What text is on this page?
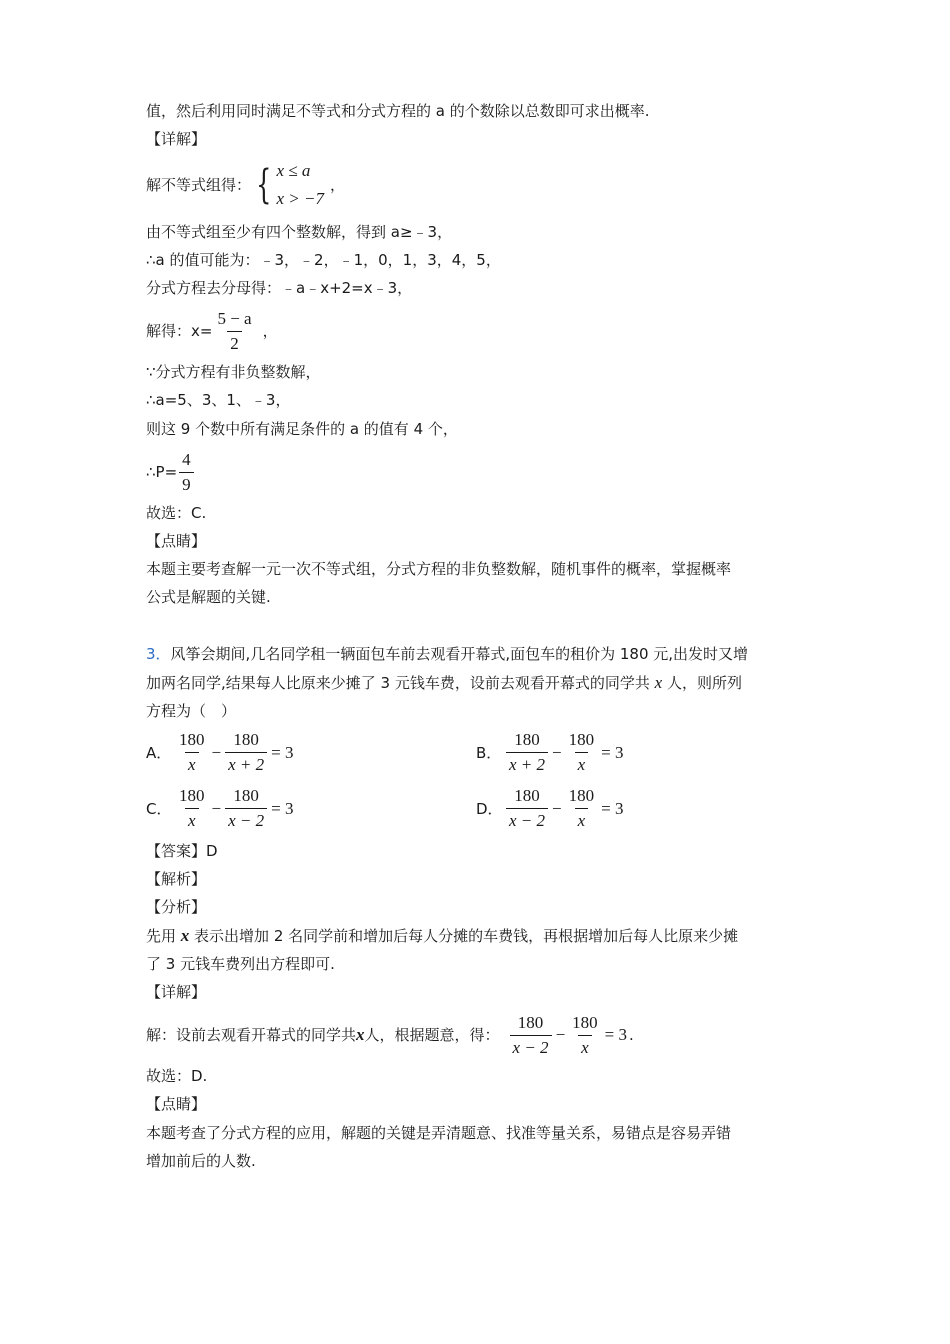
值，然后利用同时满足不等式和分式方程的 a 的个数除以总数即可求出概率.
【详解】
解不等式组得： { x ≤ a
x > −7
，
由不等式组至少有四个整数解，得到 a≥﹣3，
∴a 的值可能为：﹣3，﹣2，﹣1，0，1，3，4，5，
分式方程去分母得：﹣a﹣x+2=x﹣3，
解得：$x= \frac{5 - a}{2}$ ，
∵分式方程有非负整数解，
∴a=5、3、1、﹣3，
则这 9 个数中所有满足条件的 a 的值有 4 个，
∴P= $\frac{4}{9}$
故选：C.
【点睛】
本题主要考查解一元一次不等式组，分式方程的非负整数解，随机事件的概率，掌握概率
公式是解题的关键.
3．风筝会期间,几名同学租一辆面包车前去观看开幕式,面包车的租价为 180 元,出发时又增
加两名同学,结果每人比原来少摊了 3 元钱车费，设前去观看开幕式的同学共 x 人，则所列
方程为（　）
A． $\frac{180}{x} - \frac{180}{x + 2} = 3$	B． $\frac{180}{x + 2} - \frac{180}{x} = 3$
C． $\frac{180}{x} - \frac{180}{x - 2} = 3$	D． $\frac{180}{x - 2} - \frac{180}{x} = 3$
【答案】D
【解析】
【分析】
先用 x 表示出增加 2 名同学前和增加后每人分摊的车费钱，再根据增加后每人比原来少摊
了 3 元钱车费列出方程即可.
【详解】
解：设前去观看开幕式的同学共 x 人，根据题意，得： $\frac{180}{x - 2} - \frac{180}{x} = 3$ .
故选：D.
【点睛】
本题考查了分式方程的应用，解题的关键是弄清题意、找准等量关系，易错点是容易弄错
增加前后的人数.
